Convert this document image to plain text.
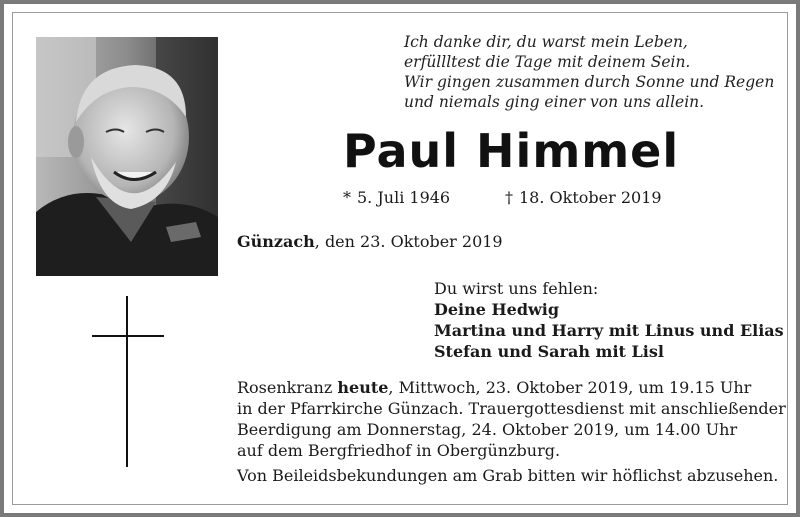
Ich danke dir, du warst mein Leben,
erfüllltest die Tage mit deinem Sein.
Wir gingen zusammen durch Sonne und Regen
und niemals ging einer von uns allein.
Paul Himmel
* 5. Juli 1946	† 18. Oktober 2019
Günzach, den 23. Oktober 2019
Du wirst uns fehlen:
Deine Hedwig
Martina und Harry mit Linus und Elias
Stefan und Sarah mit Lisl
Rosenkranz heute, Mittwoch, 23. Oktober 2019, um 19.15 Uhr
in der Pfarrkirche Günzach. Trauergottesdienst mit anschließender
Beerdigung am Donnerstag, 24. Oktober 2019, um 14.00 Uhr
auf dem Bergfriedhof in Obergünzburg.
Von Beileidsbekundungen am Grab bitten wir höflichst abzusehen.
